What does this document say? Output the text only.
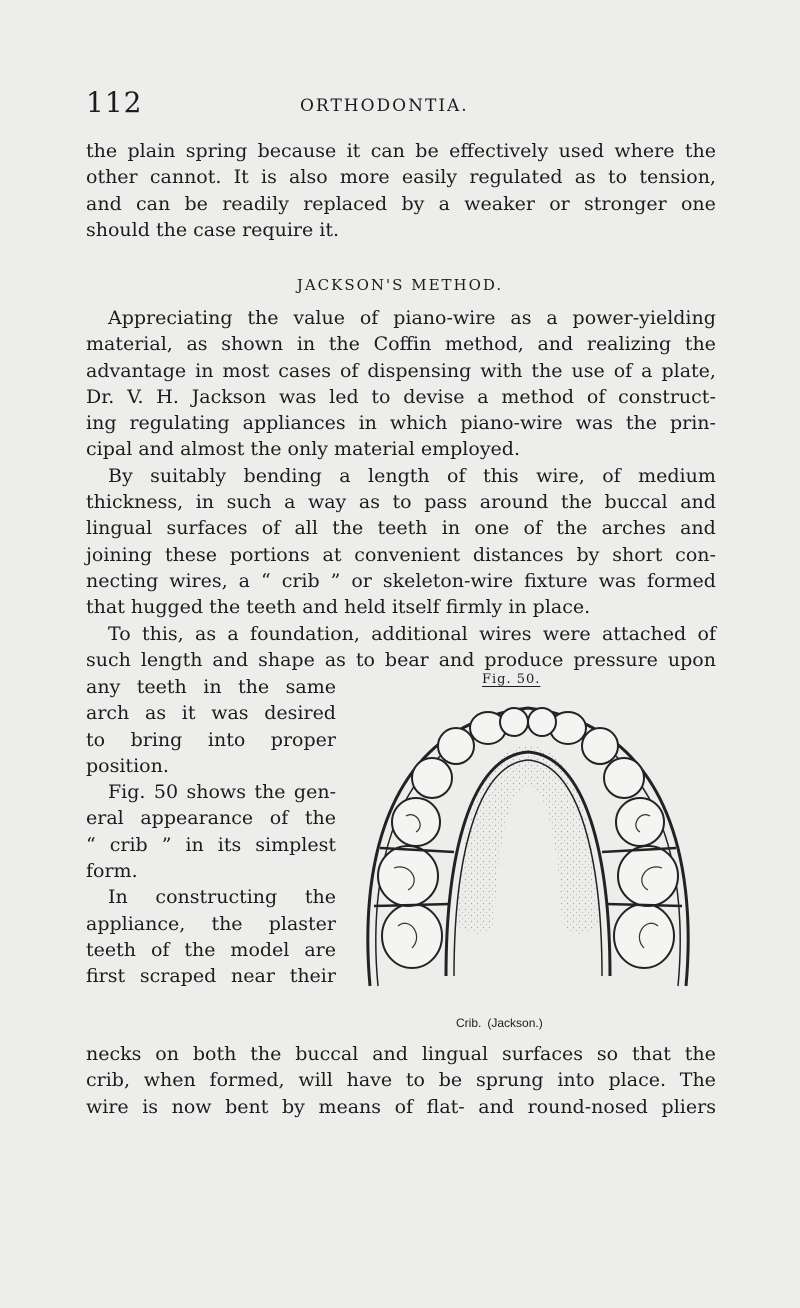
112	ORTHODONTIA.
the plain spring because it can be effectively used where the
other cannot. It is also more easily regulated as to tension,
and can be readily replaced by a weaker or stronger one
should the case require it.
JACKSON'S METHOD.
Appreciating the value of piano-wire as a power-yielding
material, as shown in the Coffin method, and realizing the
advantage in most cases of dispensing with the use of a plate,
Dr. V. H. Jackson was led to devise a method of construct-
ing regulating appliances in which piano-wire was the prin-
cipal and almost the only material employed.
By suitably bending a length of this wire, of medium
thickness, in such a way as to pass around the buccal and
lingual surfaces of all the teeth in one of the arches and
joining these portions at convenient distances by short con-
necting wires, a “ crib ” or skeleton-wire fixture was formed
that hugged the teeth and held itself firmly in place.
To this, as a foundation, additional wires were attached of
such length and shape as to bear and produce pressure upon
any teeth in the same
arch as it was desired
to bring into proper
position.
Fig. 50 shows the gen-
eral appearance of the
“ crib ” in its simplest
form.
In constructing the
appliance, the plaster
teeth of the model are
first scraped near their
Fig. 50.
Crib. (Jackson.)
necks on both the buccal and lingual surfaces so that the
crib, when formed, will have to be sprung into place. The
wire is now bent by means of flat- and round-nosed pliers
